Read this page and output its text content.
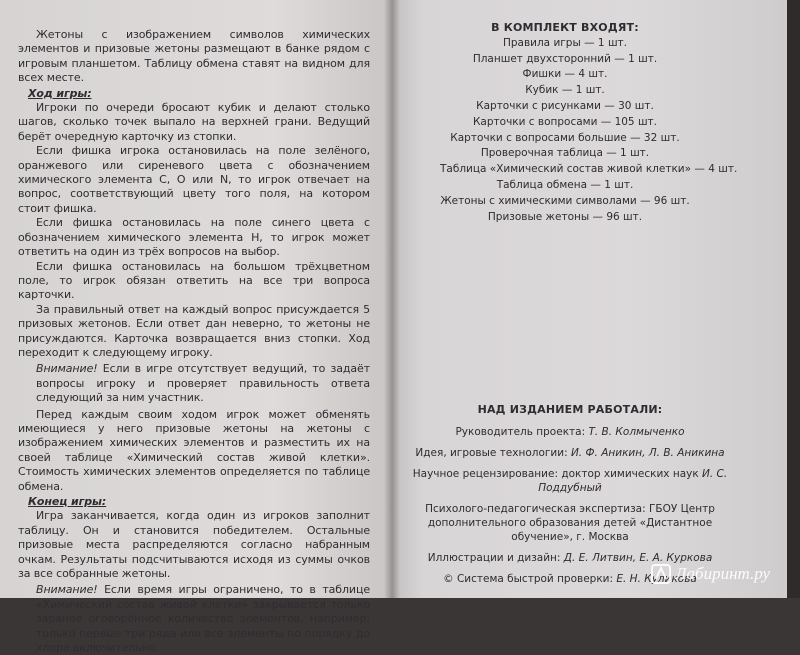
Жетоны с изображением символов химических элементов и призовые жетоны размещают в банке рядом с игровым планшетом. Таблицу обмена ставят на видном для всех месте.

Ход игры:

Игроки по очереди бросают кубик и делают столько шагов, сколько точек выпало на верхней грани. Ведущий берёт очередную карточку из стопки.

Если фишка игрока остановилась на поле зелёного, оранжевого или сиреневого цвета с обозначением химического элемента С, О или N, то игрок отвечает на вопрос, соответствующий цвету того поля, на котором стоит фишка.

Если фишка остановилась на поле синего цвета с обозначением химического элемента Н, то игрок может ответить на один из трёх вопросов на выбор.

Если фишка остановилась на большом трёхцветном поле, то игрок обязан ответить на все три вопроса карточки.

За правильный ответ на каждый вопрос присуждается 5 призовых жетонов. Если ответ дан неверно, то жетоны не присуждаются. Карточка возвращается вниз стопки. Ход переходит к следующему игроку.

Внимание! Если в игре отсутствует ведущий, то задаёт вопросы игроку и проверяет правильность ответа следующий за ним участник.

Перед каждым своим ходом игрок может обменять имеющиеся у него призовые жетоны на жетоны с изображением химических элементов и разместить их на своей таблице «Химический состав живой клетки». Стоимость химических элементов определяется по таблице обмена.

Конец игры:

Игра заканчивается, когда один из игроков заполнит таблицу. Он и становится победителем. Остальные призовые места распределяются согласно набранным очкам. Результаты подсчитываются исходя из суммы очков за все собранные жетоны.

Внимание! Если время игры ограничено, то в таблице «Химический состав живой клетки» закрывается только заранее оговорённое количество элементов, например: только первые три ряда или все элементы по порядку до хлора включительно.

В КОМПЛЕКТ ВХОДЯТ:
Правила игры — 1 шт.
Планшет двухсторонний — 1 шт.
Фишки — 4 шт.
Кубик — 1 шт.
Карточки с рисунками — 30 шт.
Карточки с вопросами — 105 шт.
Карточки с вопросами большие — 32 шт.
Проверочная таблица — 1 шт.
Таблица «Химический состав живой клетки» — 4 шт.
Таблица обмена — 1 шт.
Жетоны с химическими символами — 96 шт.
Призовые жетоны — 96 шт.
НАД ИЗДАНИЕМ РАБОТАЛИ:
Руководитель проекта: Т. В. Колмыченко
Идея, игровые технологии: И. Ф. Аникин, Л. В. Аникина
Научное рецензирование: доктор химических наук И. С. Поддубный
Психолого-педагогическая экспертиза: ГБОУ Центр дополнительного образования детей «Дистантное обучение», г. Москва
Иллюстрации и дизайн: Д. Е. Литвин, Е. А. Куркова
© Система быстрой проверки: Е. Н. Куликова
Лабиринт.ру
